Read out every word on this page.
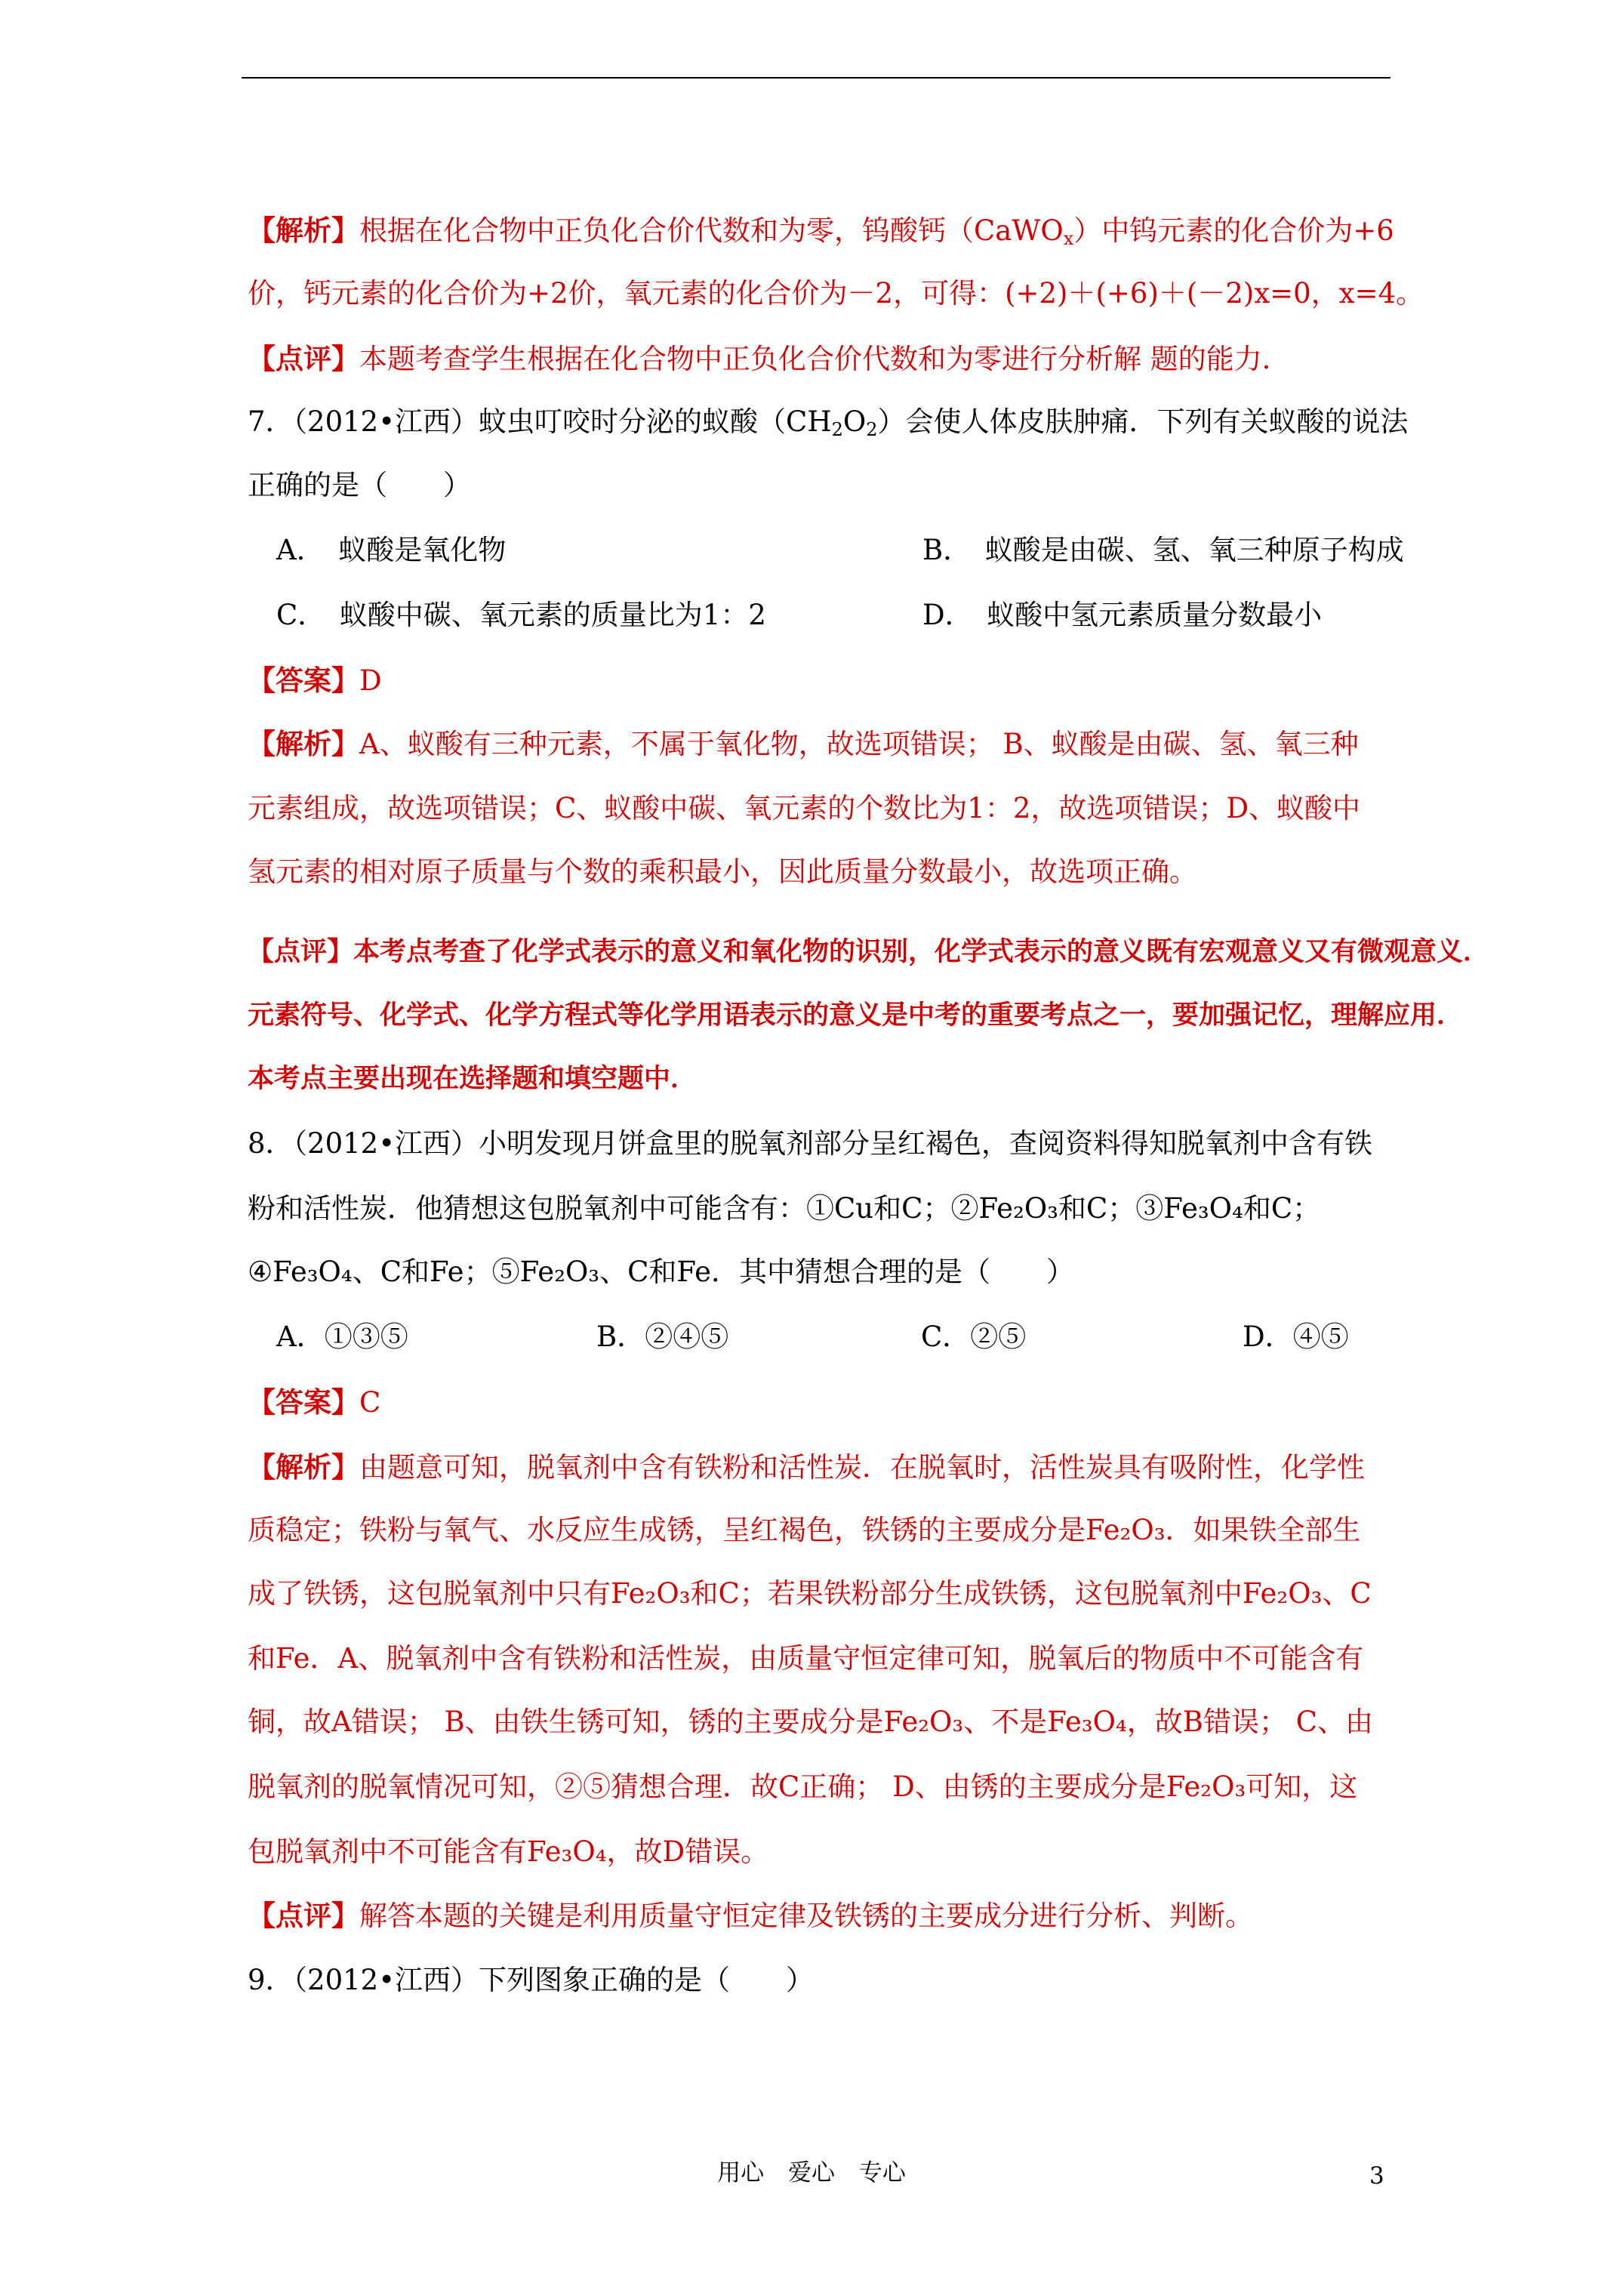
【解析】根据在化合物中正负化合价代数和为零，钨酸钙（CaWO$_x$）中钨元素的化合价为+6
价，钙元素的化合价为+2价，氧元素的化合价为－2，可得：(+2)＋(+6)＋(－2)x=0，x=4。
【点评】本题考查学生根据在化合物中正负化合价代数和为零进行分析解 题的能力．
7．（2012•江西）蚊虫叮咬时分泌的蚁酸$(CH_2O_2)$会使人体皮肤肿痛．下列有关蚁酸的说法
正确的是（　　）
A．　蚁酸是氧化物	B．　蚁酸是由碳、氢、氧三种原子构成
C．　蚁酸中碳、氧元素的质量比为1：2	D．　蚁酸中氢元素质量分数最小
【答案】D
【解析】A、蚁酸有三种元素，不属于氧化物，故选项错误； B、蚁酸是由碳、氢、氧三种
元素组成，故选项错误；C、蚁酸中碳、氧元素的个数比为1：2，故选项错误；D、蚁酸中
氢元素的相对原子质量与个数的乘积最小，因此质量分数最小，故选项正确。
【点评】本考点考查了化学式表示的意义和氧化物的识别，化学式表示的意义既有宏观意义又有微观意义．
元素符号、化学式、化学方程式等化学用语表示的意义是中考的重要考点之一，要加强记忆，理解应用．
本考点主要出现在选择题和填空题中．
8．（2012•江西）小明发现月饼盒里的脱氧剂部分呈红褐色，查阅资料得知脱氧剂中含有铁
粉和活性炭．他猜想这包脱氧剂中可能含有：①Cu和C；②Fe₂O₃和C；③Fe₃O₄和C；
④Fe₃O₄、C和Fe；⑤Fe₂O₃、C和Fe．其中猜想合理的是（　　）
A．①③⑤	B．②④⑤	C．②⑤	D．④⑤
【答案】C
【解析】由题意可知，脱氧剂中含有铁粉和活性炭．在脱氧时，活性炭具有吸附性，化学性
质稳定；铁粉与氧气、水反应生成锈，呈红褐色，铁锈的主要成分是Fe₂O₃．如果铁全部生
成了铁锈，这包脱氧剂中只有Fe₂O₃和C；若果铁粉部分生成铁锈，这包脱氧剂中Fe₂O₃、C
和Fe．A、脱氧剂中含有铁粉和活性炭，由质量守恒定律可知，脱氧后的物质中不可能含有
铜，故A错误； B、由铁生锈可知，锈的主要成分是Fe₂O₃、不是Fe₃O₄，故B错误； C、由
脱氧剂的脱氧情况可知，②⑤猜想合理．故C正确； D、由锈的主要成分是Fe₂O₃可知，这
包脱氧剂中不可能含有Fe₃O₄，故D错误。
【点评】解答本题的关键是利用质量守恒定律及铁锈的主要成分进行分析、判断。
9．（2012•江西）下列图象正确的是（　　）
用心 爱心 专心	3
